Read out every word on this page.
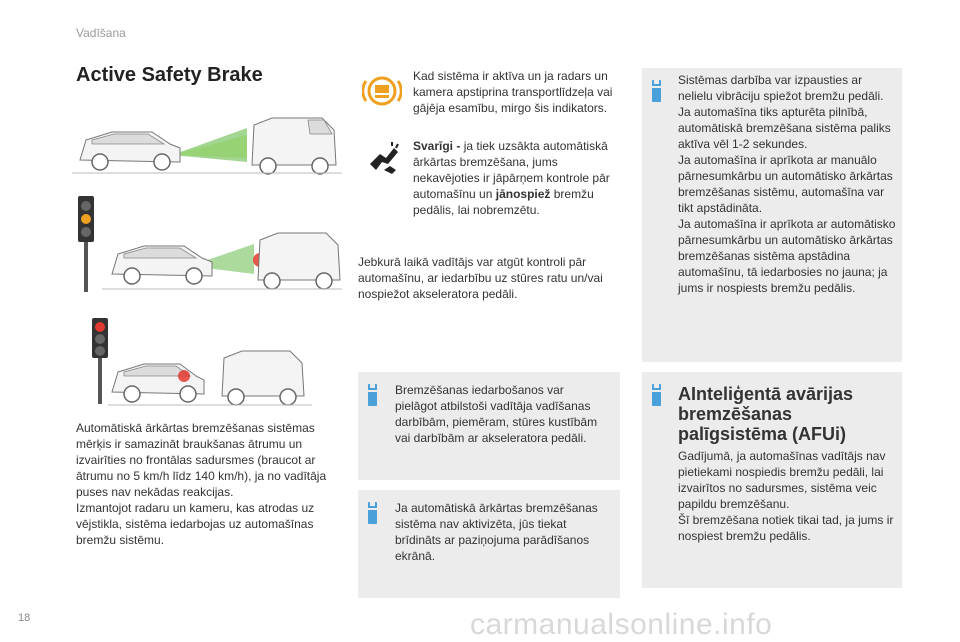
Vadīšana
Active Safety Brake
Automātiskā ārkārtas bremzēšanas sistēmas mērķis ir samazināt braukšanas ātrumu un izvairīties no frontālas sadursmes (braucot ar ātrumu no 5 km/h līdz 140 km/h), ja no vadītāja puses nav nekādas reakcijas.
Izmantojot radaru un kameru, kas atrodas uz vējstikla, sistēma iedarbojas uz automašīnas bremžu sistēmu.
Kad sistēma ir aktīva un ja radars un kamera apstiprina transportlīdzeļa vai gājēja esamību, mirgo šis indikators.
Svarīgi - ja tiek uzsākta automātiskā ārkārtas bremzēšana, jums nekavējoties ir jāpārņem kontrole pār automašīnu un jānospiež bremžu pedālis, lai nobremzētu.
Jebkurā laikā vadītājs var atgūt kontroli pār automašīnu, ar iedarbību uz stūres ratu un/vai nospiežot akseleratora pedāli.
Bremzēšanas iedarbošanos var pielāgot atbilstoši vadītāja vadīšanas darbībām, piemēram, stūres kustībām vai darbībām ar akseleratora pedāli.
Ja automātiskā ārkārtas bremzēšanas sistēma nav aktivizēta, jūs tiekat brīdināts ar paziņojuma parādīšanos ekrānā.
Sistēmas darbība var izpausties ar nelielu vibrāciju spiežot bremžu pedāli.
Ja automašīna tiks apturēta pilnībā, automātiskā bremzēšana sistēma paliks aktīva vēl 1-2 sekundes.
Ja automašīna ir aprīkota ar manuālo pārnesumkārbu un automātisko ārkārtas bremzēšanas sistēmu, automašīna var tikt apstādināta.
Ja automašīna ir aprīkota ar automātisko pārnesumkārbu un automātisko ārkārtas bremzēšanas sistēma apstādina automašīnu, tā iedarbosies no jauna; ja jums ir nospiests bremžu pedālis.
AInteliģentā avārijas bremzēšanas palīgsistēma (AFUi)
Gadījumā, ja automašīnas vadītājs nav pietiekami nospiedis bremžu pedāli, lai izvairītos no sadursmes, sistēma veic papildu bremzēšanu.
Šī bremzēšana notiek tikai tad, ja jums ir nospiest bremžu pedālis.
18	carmanualsonline.info
